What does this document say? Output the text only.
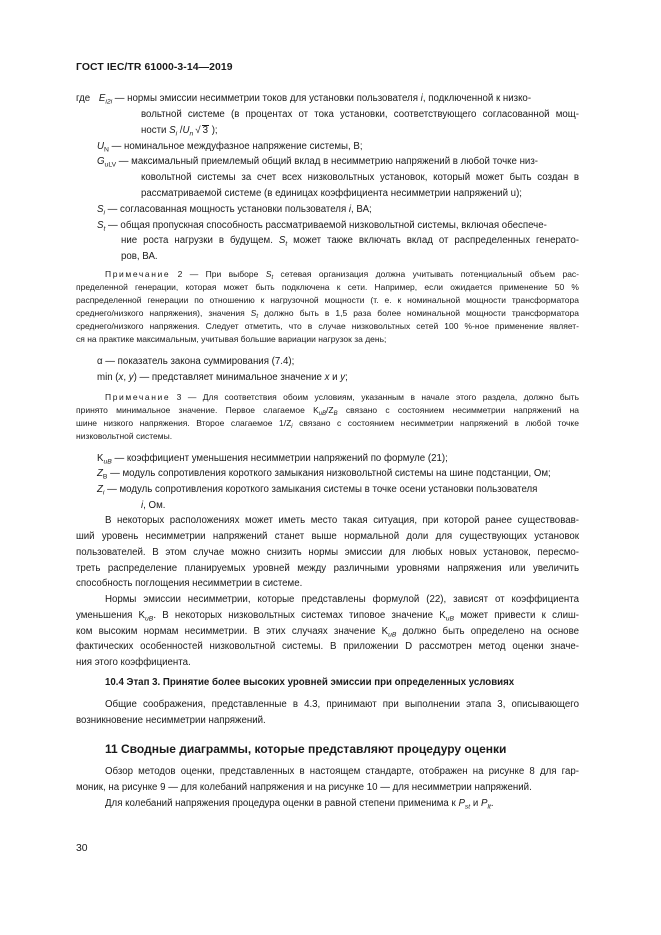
ГОСТ IEC/TR 61000-3-14—2019
где $E_{i2i}$ — нормы эмиссии несимметрии токов для установки пользователя i, подключенной к низко-
вольтной системе (в процентах от тока установки, соответствующего согласованной мощ-
ности $S_i$ $/U_n$ √ 3 );
$U_N$ — номинальное междуфазное напряжение системы, В;
$G_{uLV}$ — максимальный приемлемый общий вклад в несимметрию напряжений в любой точке низ-
ковольтной системы за счет всех низковольтных установок, который может быть создан в
рассматриваемой системе (в единицах коэффициента несимметрии напряжений u);
$S_i$ — согласованная мощность установки пользователя i, ВА;
$S_t$ — общая пропускная способность рассматриваемой низковольтной системы, включая обеспече-
ние роста нагрузки в будущем. $S_t$ может также включать вклад от распределенных генерато-
ров, ВА.
Примечание 2 — При выборе $S_t$ сетевая организация должна учитывать потенциальный объем рас-
пределенной генерации, которая может быть подключена к сети. Например, если ожидается применение 50 %
распределенной генерации по отношению к нагрузочной мощности (т. е. к номинальной мощности трансформатора
среднего/низкого напряжения), значения $S_t$ должно быть в 1,5 раза более номинальной мощности трансформатора
среднего/низкого напряжения. Следует отметить, что в случае низковольтных сетей 100 %-ное применение являет-
ся на практике максимальным, учитывая большие вариации нагрузок за день;
α — показатель закона суммирования (7.4);
min (x, y) — представляет минимальное значение x и y;
Примечание 3 — Для соответствия обоим условиям, указанным в начале этого раздела, должно быть
принято минимальное значение. Первое слагаемое $K_{uB}/Z_B$ связано с состоянием несимметрии напряжений на
шине низкого напряжения. Второе слагаемое $1/Z_i$ связано с состоянием несимметрии напряжений в любой точке
низковольтной системы.
$K_{uB}$ — коэффициент уменьшения несимметрии напряжений по формуле (21);
$Z_B$ — модуль сопротивления короткого замыкания низковольтной системы на шине подстанции, Ом;
$Z_i$ — модуль сопротивления короткого замыкания системы в точке осени установки пользователя
i, Ом.
В некоторых расположениях может иметь место такая ситуация, при которой ранее существовав-
ший уровень несимметрии напряжений станет выше нормальной доли для существующих установок
пользователей. В этом случае можно снизить нормы эмиссии для любых новых установок, пересмо-
треть распределение планируемых уровней между различными уровнями напряжения или увеличить
способность поглощения несимметрии в системе.
Нормы эмиссии несимметрии, которые представлены формулой (22), зависят от коэффициента
уменьшения $K_{uB}$. В некоторых низковольтных системах типовое значение $K_{uB}$ может привести к слиш-
ком высоким нормам несимметрии. В этих случаях значение $K_{uB}$ должно быть определено на основе
фактических особенностей низковольтной системы. В приложении D рассмотрен метод оценки значе-
ния этого коэффициента.
10.4 Этап 3. Принятие более высоких уровней эмиссии при определенных условиях
Общие соображения, представленные в 4.3, принимают при выполнении этапа 3, описывающего
возникновение несимметрии напряжений.
11 Сводные диаграммы, которые представляют процедуру оценки
Обзор методов оценки, представленных в настоящем стандарте, отображен на рисунке 8 для гар-
моник, на рисунке 9 — для колебаний напряжения и на рисунке 10 — для несимметрии напряжений.
Для колебаний напряжения процедура оценки в равной степени применима к $P_{st}$ и $P_{lt}$.
30
